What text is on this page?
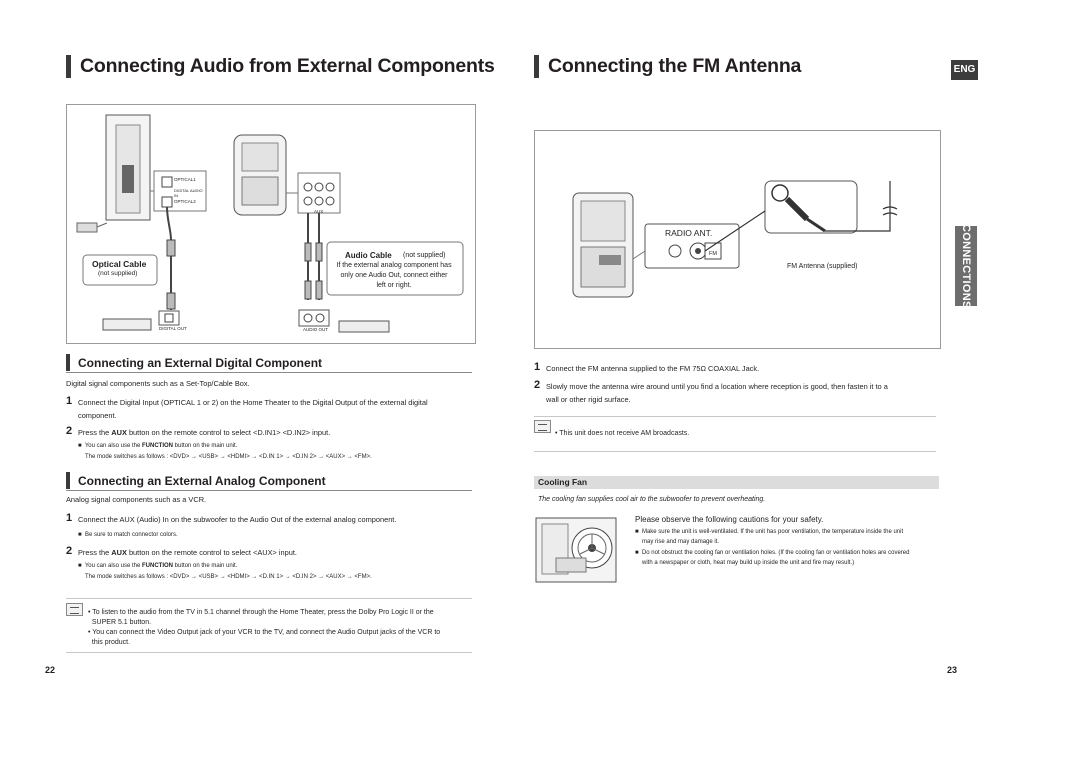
Connecting Audio from External Components
OPTICAL1
DIGITAL AUDIO IN
OPTICAL2
AUX
Optical Cable
(not supplied)
Audio Cable (not supplied)
If the external analog component has
only one Audio Out, connect either
left or right.
DIGITAL OUT	AUDIO OUT
Connecting an External Digital Component
Digital signal components such as a Set-Top/Cable Box.
1 Connect the Digital Input (OPTICAL 1 or 2) on the Home Theater to the Digital Output of the external digital
component.
2 Press the AUX button on the remote control to select <D.IN1> <D.IN2> input.
■  You can also use the FUNCTION button on the main unit.
The mode switches as follows : <DVD> → <USB> → <HDMI> → <D.IN 1> → <D.IN 2> → <AUX> → <FM>.
Connecting an External Analog Component
Analog signal components such as a VCR.
1 Connect the AUX (Audio) In on the subwoofer to the Audio Out of the external analog component.
■  Be sure to match connector colors.
2 Press the AUX button on the remote control to select <AUX> input.
■  You can also use the FUNCTION button on the main unit.
The mode switches as follows : <DVD> → <USB> → <HDMI> → <D.IN 1> → <D.IN 2> → <AUX> → <FM>.
• To listen to the audio from the TV in 5.1 channel through the Home Theater, press the Dolby Pro Logic II or the
SUPER 5.1 button.
• You can connect the Video Output jack of your VCR to the TV, and connect the Audio Output jacks of the VCR to
this product.
22
Connecting the FM Antenna	ENG
CONNECTIONS
RADIO ANT.
FM
FM Antenna (supplied)
1 Connect the FM antenna supplied to the FM 75Ω COAXIAL Jack.
2 Slowly move the antenna wire around until you find a location where reception is good, then fasten it to a
wall or other rigid surface.
• This unit does not receive AM broadcasts.
Cooling Fan
The cooling fan supplies cool air to the subwoofer to prevent overheating.
Please observe the following cautions for your safety.
■  Make sure the unit is well-ventilated. If the unit has poor ventilation, the temperature inside the unit
may rise and may damage it.
■  Do not obstruct the cooling fan or ventilation holes. (If the cooling fan or ventilation holes are covered
with a newspaper or cloth, heat may build up inside the unit and fire may result.)
23
